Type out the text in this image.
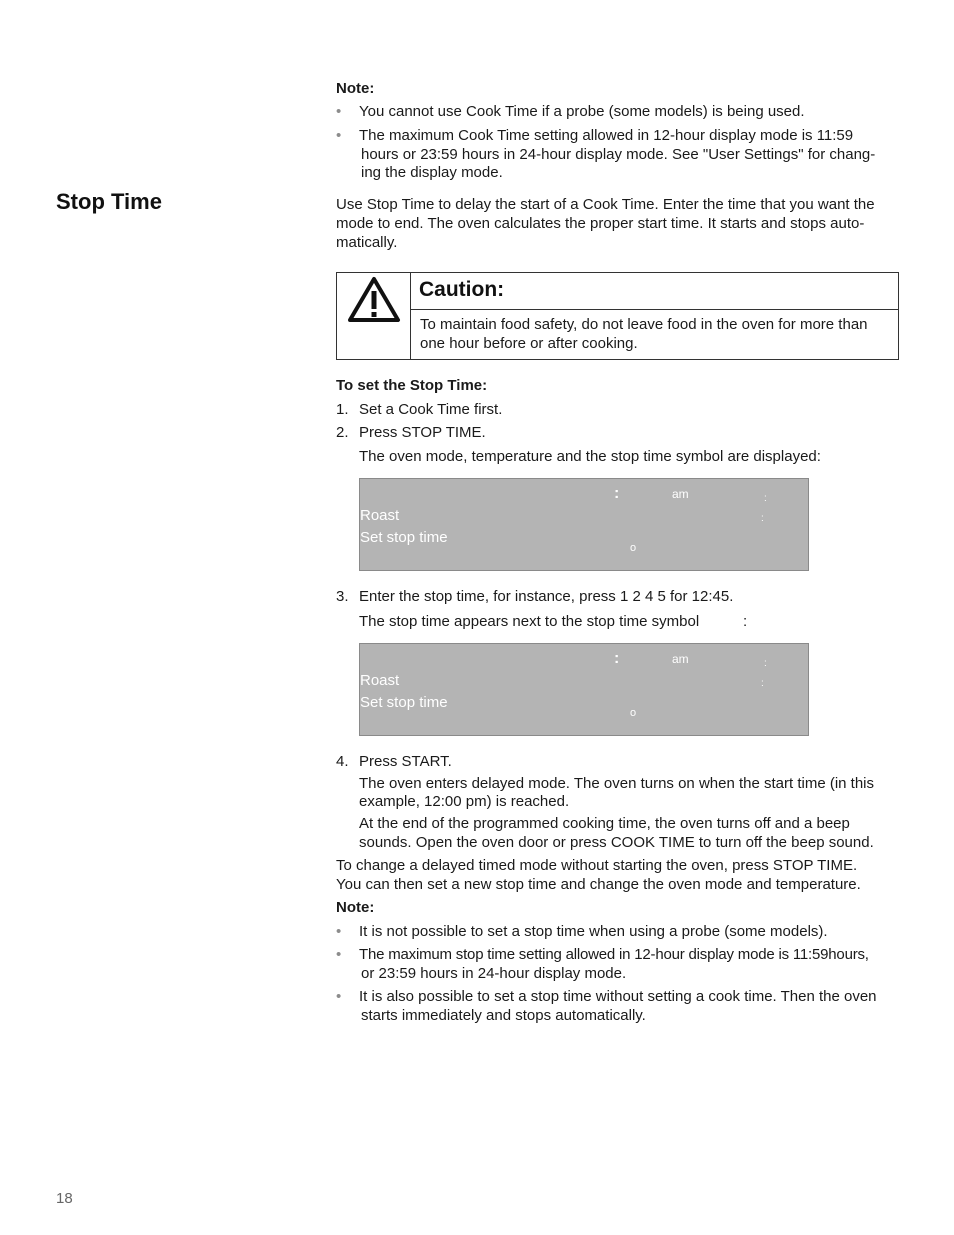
Note:
• You cannot use Cook Time if a probe (some models) is being used.
• The maximum Cook Time setting allowed in 12-hour display mode is 11:59
hours or 23:59 hours in 24-hour display mode. See "User Settings" for chang-
ing the display mode.
Stop Time	Use Stop Time to delay the start of a Cook Time. Enter the time that you want the
mode to end. The oven calculates the proper start time. It starts and stops auto-
matically.
Caution:
To maintain food safety, do not leave food in the oven for more than
one hour before or after cooking.
To set the Stop Time:
1. Set a Cook Time first.
2. Press STOP TIME.
The oven mode, temperature and the stop time symbol are displayed:
:	am	:
:
Roast
Set stop time
o
3. Enter the stop time, for instance, press 1 2 4 5 for 12:45.
The stop time appears next to the stop time symbol	:
:	am	:
:
Roast
Set stop time
o
4. Press START.
The oven enters delayed mode. The oven turns on when the start time (in this
example, 12:00 pm) is reached.
At the end of the programmed cooking time, the oven turns off and a beep
sounds. Open the oven door or press COOK TIME to turn off the beep sound.
To change a delayed timed mode without starting the oven, press STOP TIME.
You can then set a new stop time and change the oven mode and temperature.
Note:
• It is not possible to set a stop time when using a probe (some models).
• The maximum stop time setting allowed in 12-hour display mode is 11:59hours,
or 23:59 hours in 24-hour display mode.
• It is also possible to set a stop time without setting a cook time. Then the oven
starts immediately and stops automatically.
18
